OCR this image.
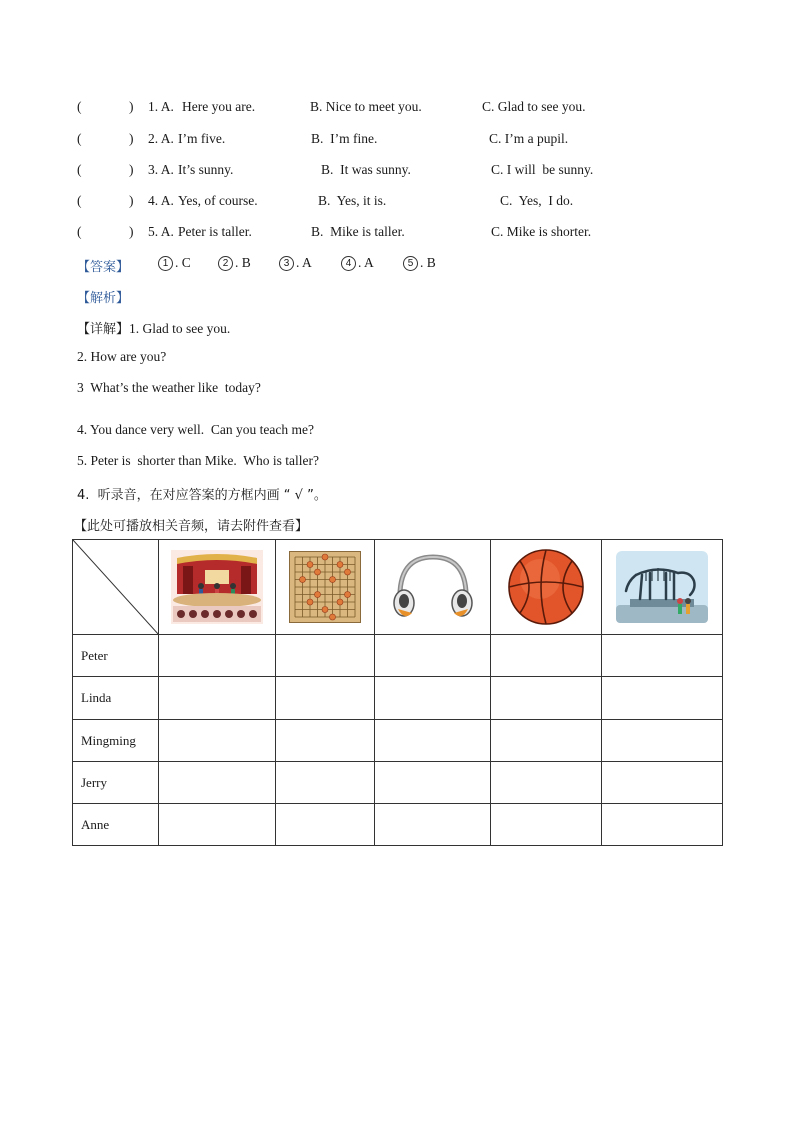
(	) 1. A. Here you are.	B. Nice to meet you.	C. Glad to see you.
(	) 2. A. I’m five.	B.  I’m fine.	C. I’m a pupil.
(	) 3. A. It’s sunny.	B.  It was sunny.	C. I will  be sunny.
(	) 4. A. Yes, of course.	B.  Yes, it is.	C.  Yes,  I do.
(	) 5. A. Peter is taller.	B.  Mike is taller.	C. Mike is shorter.
【答案】	1 . C	2 . B	3 . A	4 . A	5 . B
【解析】
【详解】1. Glad to see you.
2. How are you?
3  What’s the weather like  today?
4. You dance very well.  Can you teach me?
5. Peter is  shorter than Mike.  Who is taller?
4.  听录音，在对应答案的方框内画 “ √ ”。
【此处可播放相关音频，请去附件查看】

Peter					
Linda					
Mingming					
Jerry					
Anne					
